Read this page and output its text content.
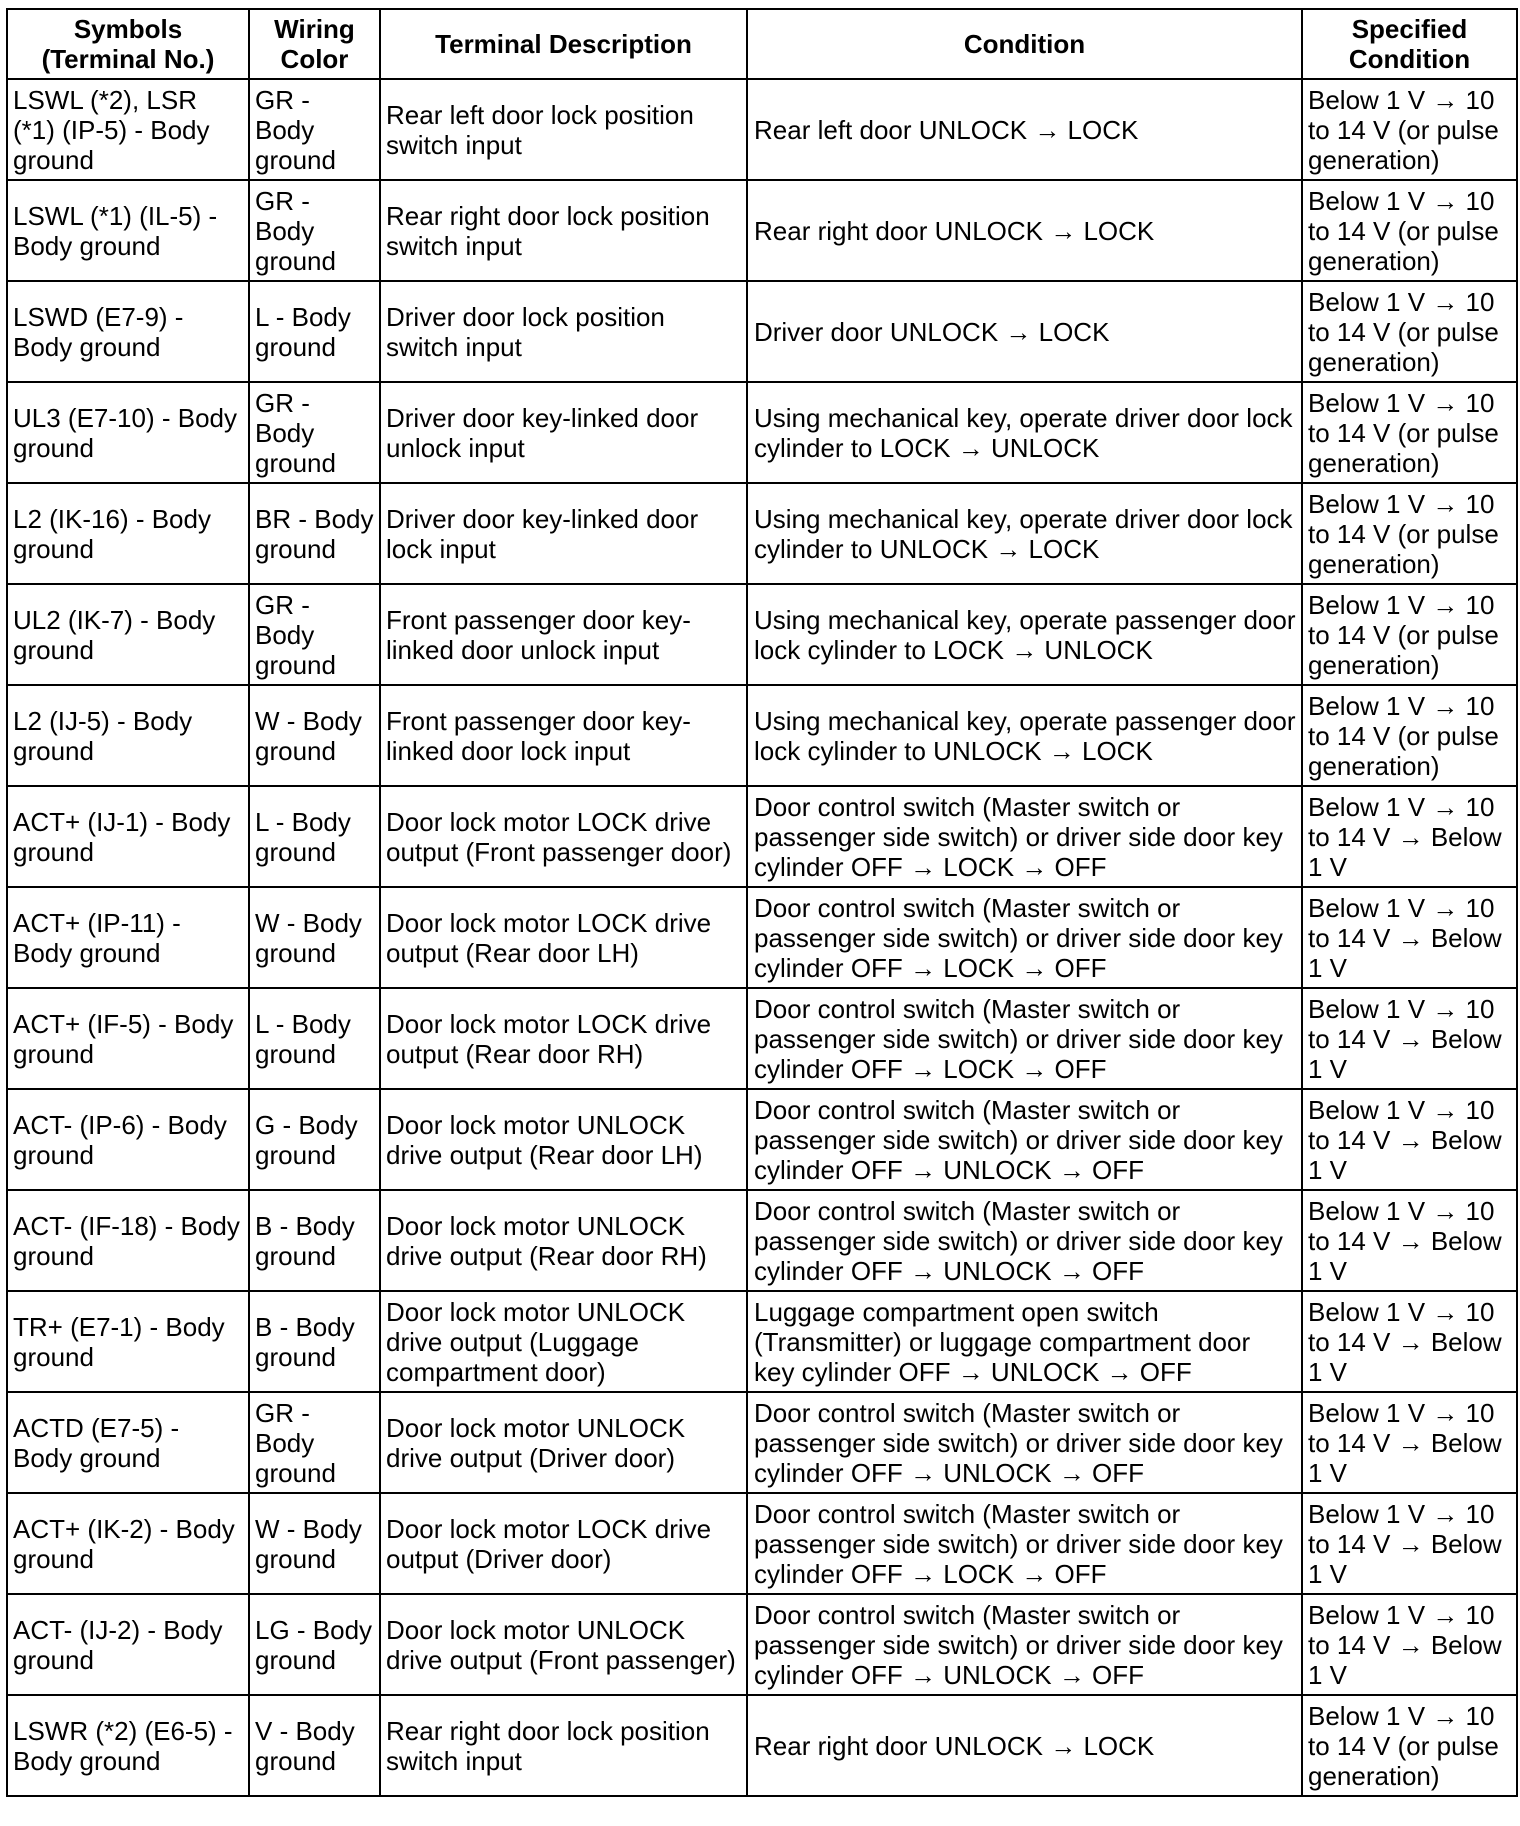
Symbols (Terminal No.)	Wiring Color	Terminal Description	Condition	Specified Condition
LSWL (*2), LSR (*1) (IP-5) - Body ground	GR - Body ground	Rear left door lock position switch input	Rear left door UNLOCK → LOCK	Below 1 V → 10 to 14 V (or pulse generation)
LSWL (*1) (IL-5) - Body ground	GR - Body ground	Rear right door lock position switch input	Rear right door UNLOCK → LOCK	Below 1 V → 10 to 14 V (or pulse generation)
LSWD (E7-9) - Body ground	L - Body ground	Driver door lock position switch input	Driver door UNLOCK → LOCK	Below 1 V → 10 to 14 V (or pulse generation)
UL3 (E7-10) - Body ground	GR - Body ground	Driver door key-linked door unlock input	Using mechanical key, operate driver door lock cylinder to LOCK → UNLOCK	Below 1 V → 10 to 14 V (or pulse generation)
L2 (IK-16) - Body ground	BR - Body ground	Driver door key-linked door lock input	Using mechanical key, operate driver door lock cylinder to UNLOCK → LOCK	Below 1 V → 10 to 14 V (or pulse generation)
UL2 (IK-7) - Body ground	GR - Body ground	Front passenger door key-linked door unlock input	Using mechanical key, operate passenger door lock cylinder to LOCK → UNLOCK	Below 1 V → 10 to 14 V (or pulse generation)
L2 (IJ-5) - Body ground	W - Body ground	Front passenger door key-linked door lock input	Using mechanical key, operate passenger door lock cylinder to UNLOCK → LOCK	Below 1 V → 10 to 14 V (or pulse generation)
ACT+ (IJ-1) - Body ground	L - Body ground	Door lock motor LOCK drive output (Front passenger door)	Door control switch (Master switch or passenger side switch) or driver side door key cylinder OFF → LOCK → OFF	Below 1 V → 10 to 14 V → Below 1 V
ACT+ (IP-11) - Body ground	W - Body ground	Door lock motor LOCK drive output (Rear door LH)	Door control switch (Master switch or passenger side switch) or driver side door key cylinder OFF → LOCK → OFF	Below 1 V → 10 to 14 V → Below 1 V
ACT+ (IF-5) - Body ground	L - Body ground	Door lock motor LOCK drive output (Rear door RH)	Door control switch (Master switch or passenger side switch) or driver side door key cylinder OFF → LOCK → OFF	Below 1 V → 10 to 14 V → Below 1 V
ACT- (IP-6) - Body ground	G - Body ground	Door lock motor UNLOCK drive output (Rear door LH)	Door control switch (Master switch or passenger side switch) or driver side door key cylinder OFF → UNLOCK → OFF	Below 1 V → 10 to 14 V → Below 1 V
ACT- (IF-18) - Body ground	B - Body ground	Door lock motor UNLOCK drive output (Rear door RH)	Door control switch (Master switch or passenger side switch) or driver side door key cylinder OFF → UNLOCK → OFF	Below 1 V → 10 to 14 V → Below 1 V
TR+ (E7-1) - Body ground	B - Body ground	Door lock motor UNLOCK drive output (Luggage compartment door)	Luggage compartment open switch (Transmitter) or luggage compartment door key cylinder OFF → UNLOCK → OFF	Below 1 V → 10 to 14 V → Below 1 V
ACTD (E7-5) - Body ground	GR - Body ground	Door lock motor UNLOCK drive output (Driver door)	Door control switch (Master switch or passenger side switch) or driver side door key cylinder OFF → UNLOCK → OFF	Below 1 V → 10 to 14 V → Below 1 V
ACT+ (IK-2) - Body ground	W - Body ground	Door lock motor LOCK drive output (Driver door)	Door control switch (Master switch or passenger side switch) or driver side door key cylinder OFF → LOCK → OFF	Below 1 V → 10 to 14 V → Below 1 V
ACT- (IJ-2) - Body ground	LG - Body ground	Door lock motor UNLOCK drive output (Front passenger)	Door control switch (Master switch or passenger side switch) or driver side door key cylinder OFF → UNLOCK → OFF	Below 1 V → 10 to 14 V → Below 1 V
LSWR (*2) (E6-5) - Body ground	V - Body ground	Rear right door lock position switch input	Rear right door UNLOCK → LOCK	Below 1 V → 10 to 14 V (or pulse generation)
